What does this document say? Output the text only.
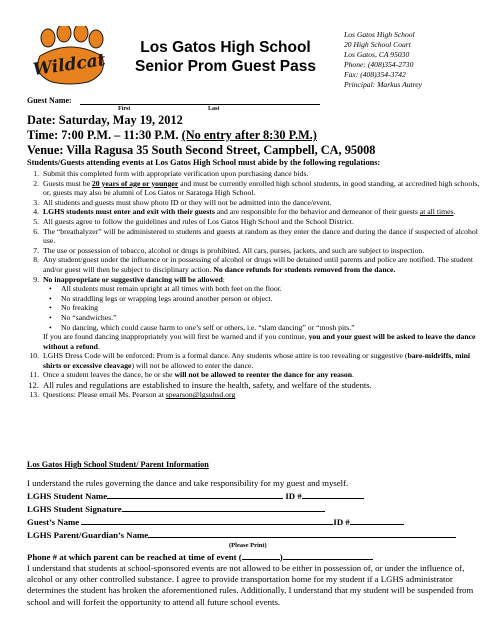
Wildcat
Los Gatos High School
Senior Prom Guest Pass
Los Gatos High School
20 High School Court
Los Gatos, CA 95030
Phone: (408)354-2730
Fax: (408)354-3742
Principal: Markus Autrey
Guest Name:
First	Last
Date: Saturday, May 19, 2012
Time: 7:00 P.M. – 11:30 P.M. (No entry after 8:30 P.M.)
Venue: Villa Ragusa 35 South Second Street, Campbell, CA, 95008
Students/Guests attending events at Los Gatos High School must abide by the following regulations:
1. Submit this completed form with appropriate verification upon purchasing dance bids.
2. Guests must be 20 years of age or younger and must be currently enrolled high school students, in good standing, at accredited high schools, or, guests may also be alumni of Los Gatos or Saratoga High School.
3. All students and guests must show photo ID or they will not be admitted into the dance/event.
4. LGHS students must enter and exit with their guests and are responsible for the behavior and demeanor of their guests at all times.
5. All guests agree to follow the guidelines and rules of Los Gatos High School and the School District.
6. The “breathalyzer” will be administered to students and guests at random as they enter the dance and during the dance if suspected of alcohol use.
7. The use or possession of tobacco, alcohol or drugs is prohibited. All cars, purses, jackets, and such are subject to inspection.
8. Any student/guest under the influence or in possessing of alcohol or drugs will be detained until parents and police are notified. The student and/or guest will then be subject to disciplinary action. No dance refunds for students removed from the dance.
9. No inappropriate or suggestive dancing will be allowed:
• All students must remain upright at all times with both feet on the floor.
• No straddling legs or wrapping legs around another person or object.
• No freaking
• No “sandwiches.”
• No dancing, which could cause harm to one’s self or others, i.e. “slam dancing” or “mosh pits.”
If you are found dancing inappropriately you will first be warned and if you continue, you and your guest will be asked to leave the dance without a refund.
10. LGHS Dress Code will be enforced: Prom is a formal dance. Any students whose attire is too revealing or suggestive (bare-midriffs, mini shirts or excessive cleavage) will not be allowed to enter the dance.
11. Once a student leaves the dance, he or she will not be allowed to reenter the dance for any reason.
12. All rules and regulations are established to insure the health, safety, and welfare of the students.
13. Questions: Please email Ms. Pearson at spearson@lgsuhsd.org
Los Gatos High School Student/ Parent Information
I understand the rules governing the dance and take responsibility for my guest and myself.
LGHS Student Name	ID #
LGHS Student Signature
Guest’s Name	ID #
LGHS Parent/Guardian’s Name
(Please Print)
Phone # at which parent can be reached at time of event (	)
I understand that students at school-sponsored events are not allowed to be either in possession of, or under the influence of, alcohol or any other controlled substance. I agree to provide transportation home for my student if a LGHS administrator determines the student has broken the aforementioned rules. Additionally, I understand that my student will be suspended from school and will forfeit the opportunity to attend all future school events.
